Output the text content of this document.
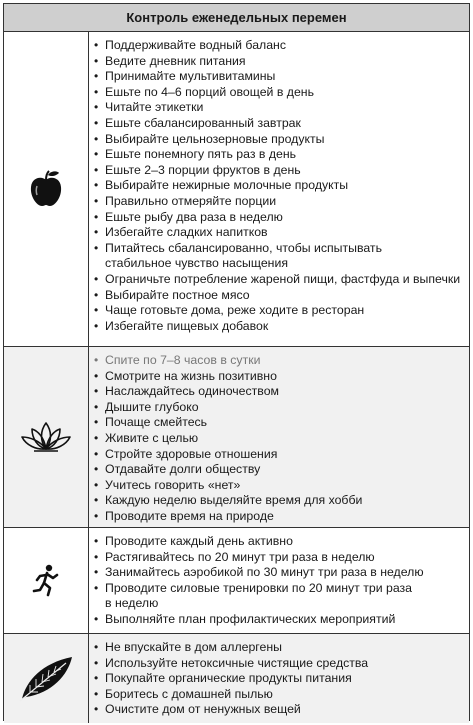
Контроль еженедельных перемен
• Поддерживайте водный баланс
• Ведите дневник питания
• Принимайте мультивитамины
• Ешьте по 4–6 порций овощей в день
• Читайте этикетки
• Ешьте сбалансированный завтрак
• Выбирайте цельнозерновые продукты
• Ешьте понемногу пять раз в день
• Ешьте 2–3 порции фруктов в день
• Выбирайте нежирные молочные продукты
• Правильно отмеряйте порции
• Ешьте рыбу два раза в неделю
• Избегайте сладких напитков
• Питайтесь сбалансированно, чтобы испытывать
стабильное чувство насыщения
• Ограничьте потребление жареной пищи, фастфуда и выпечки
• Выбирайте постное мясо
• Чаще готовьте дома, реже ходите в ресторан
• Избегайте пищевых добавок
• Спите по 7–8 часов в сутки
• Смотрите на жизнь позитивно
• Наслаждайтесь одиночеством
• Дышите глубоко
• Почаще смейтесь
• Живите с целью
• Стройте здоровые отношения
• Отдавайте долги обществу
• Учитесь говорить «нет»
• Каждую неделю выделяйте время для хобби
• Проводите время на природе
• Проводите каждый день активно
• Растягивайтесь по 20 минут три раза в неделю
• Занимайтесь аэробикой по 30 минут три раза в неделю
• Проводите силовые тренировки по 20 минут три раза
в неделю
• Выполняйте план профилактических мероприятий
• Не впускайте в дом аллергены
• Используйте нетоксичные чистящие средства
• Покупайте органические продукты питания
• Боритесь с домашней пылью
• Очистите дом от ненужных вещей
